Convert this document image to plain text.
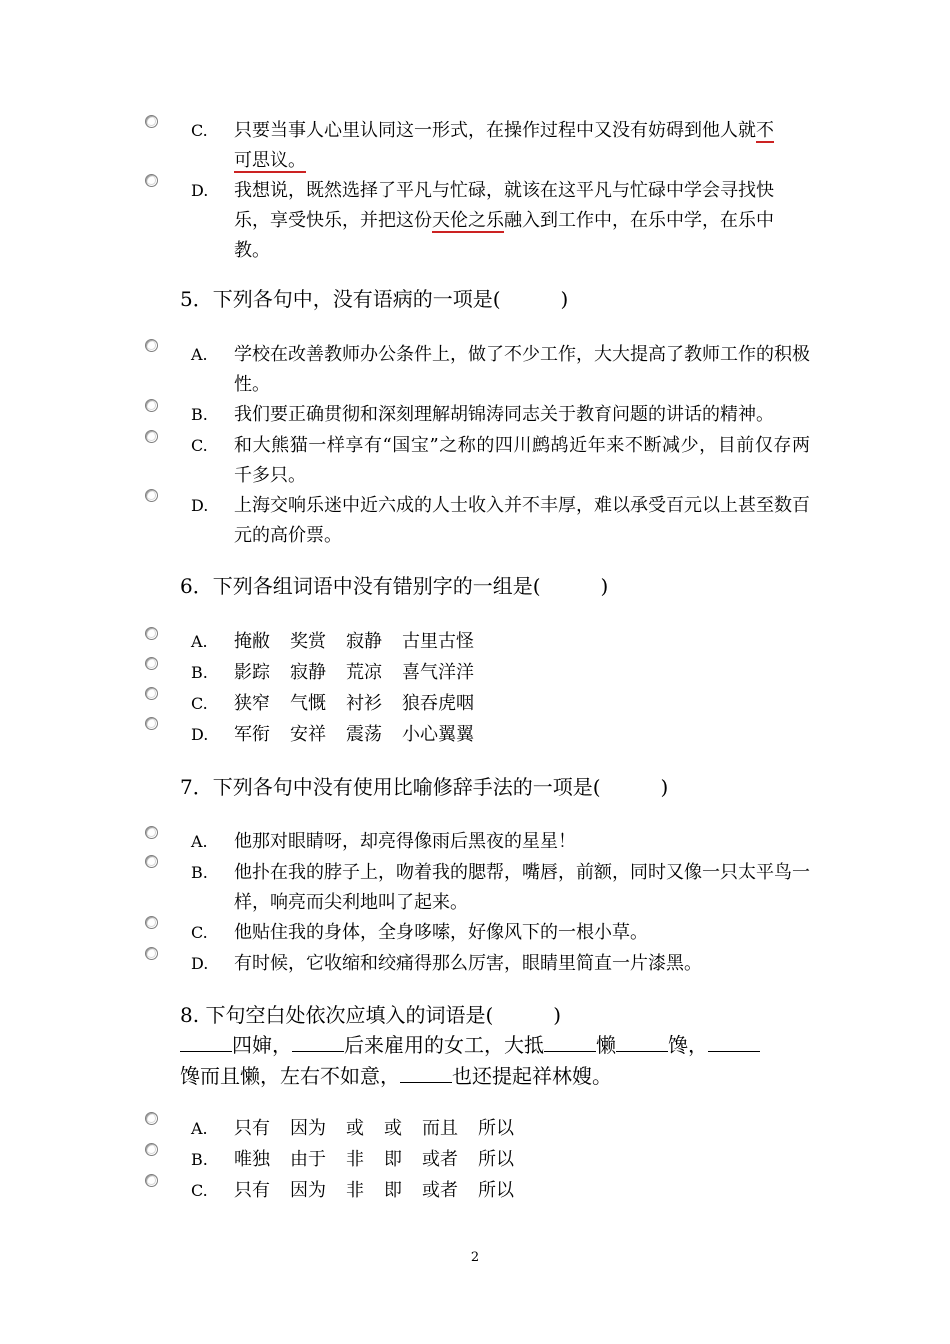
C. 只要当事人心里认同这一形式，在操作过程中又没有妨碍到他人就不
可思议。
D. 我想说，既然选择了平凡与忙碌，就该在这平凡与忙碌中学会寻找快
乐，享受快乐，并把这份天伦之乐融入到工作中，在乐中学，在乐中
教。
5．下列各句中，没有语病的一项是(　　　)
A. 学校在改善教师办公条件上，做了不少工作，大大提高了教师工作的积极性。
B. 我们要正确贯彻和深刻理解胡锦涛同志关于教育问题的讲话的精神。
C. 和大熊猫一样享有“国宝”之称的四川鹧鸪近年来不断减少，目前仅存两千多只。
D. 上海交响乐迷中近六成的人士收入并不丰厚，难以承受百元以上甚至数百元的高价票。
6．下列各组词语中没有错别字的一组是(　　　)
A. 掩敝 奖赏 寂静 古里古怪
B. 影踪 寂静 荒凉 喜气洋洋
C. 狭窄 气慨 衬衫 狼吞虎咽
D. 军衔 安祥 震荡 小心翼翼
7．下列各句中没有使用比喻修辞手法的一项是(　　　)
A. 他那对眼睛呀，却亮得像雨后黑夜的星星！
B. 他扑在我的脖子上，吻着我的腮帮，嘴唇，前额，同时又像一只太平鸟一样，响亮而尖利地叫了起来。
C. 他贴住我的身体，全身哆嗦，好像风下的一根小草。
D. 有时候，它收缩和绞痛得那么厉害，眼睛里简直一片漆黑。
8. 下句空白处依次应填入的词语是(　　　)
四婶，	后来雇用的女工，大抵	懒	馋，
馋而且懒，左右不如意，	也还提起祥林嫂。
A. 只有 因为 或 或 而且 所以
B. 唯独 由于 非 即 或者 所以
C. 只有 因为 非 即 或者 所以
2
